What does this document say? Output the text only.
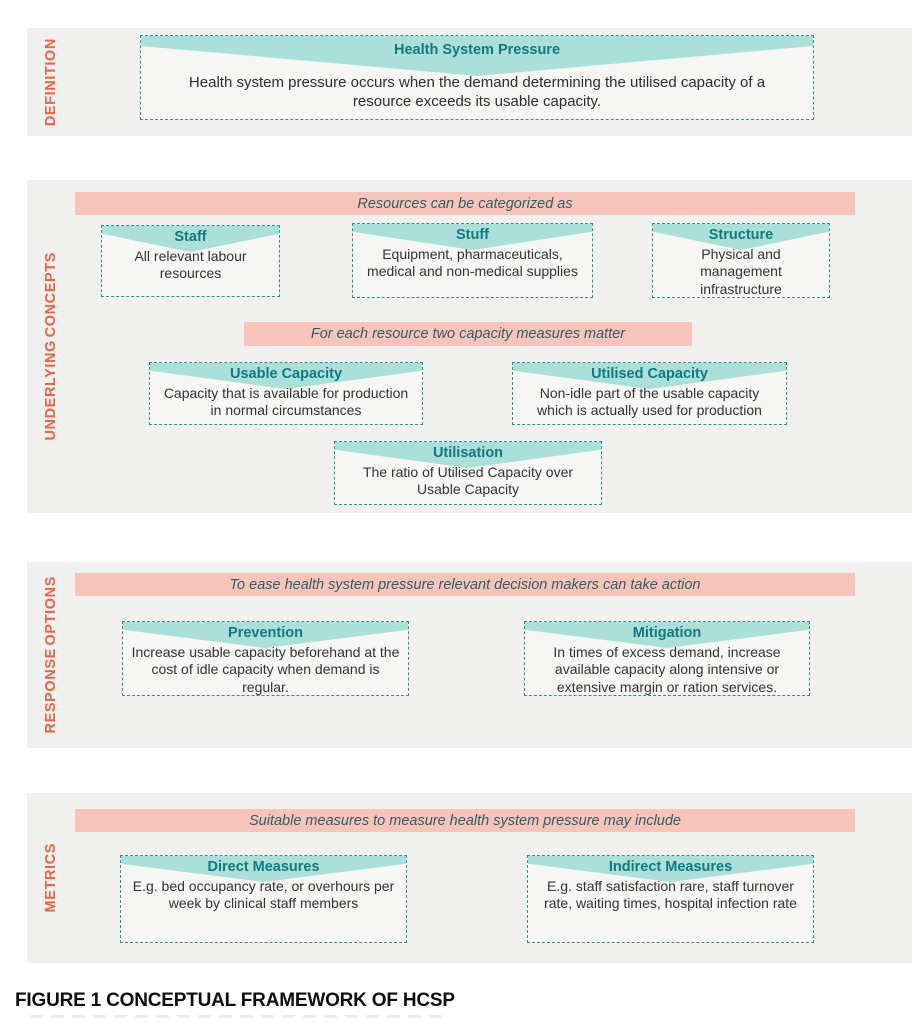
DEFINITION	Health System Pressure
Health system pressure occurs when the demand determining the utilised capacity of a resource exceeds its usable capacity.
UNDERLYING CONCEPTS
Resources can be categorized as
Staff
All relevant labour resources
Stuff
Equipment, pharmaceuticals, medical and non-medical supplies
Structure
Physical and management infrastructure
For each resource two capacity measures matter
Usable Capacity
Capacity that is available for production in normal circumstances
Utilised Capacity
Non-idle part of the usable capacity which is actually used for production
Utilisation
The ratio of Utilised Capacity over Usable Capacity
RESPONSE OPTIONS	To ease health system pressure relevant decision makers can take action
Prevention
Increase usable capacity beforehand at the cost of idle capacity when demand is regular.
Mitigation
In times of excess demand, increase available capacity along intensive or extensive margin or ration services.
METRICS
Suitable measures to measure health system pressure may include
Direct Measures
E.g. bed occupancy rate, or overhours per week by clinical staff members
Indirect Measures
E.g. staff satisfaction rare, staff turnover rate, waiting times, hospital infection rate
FIGURE 1 CONCEPTUAL FRAMEWORK OF HCSP
